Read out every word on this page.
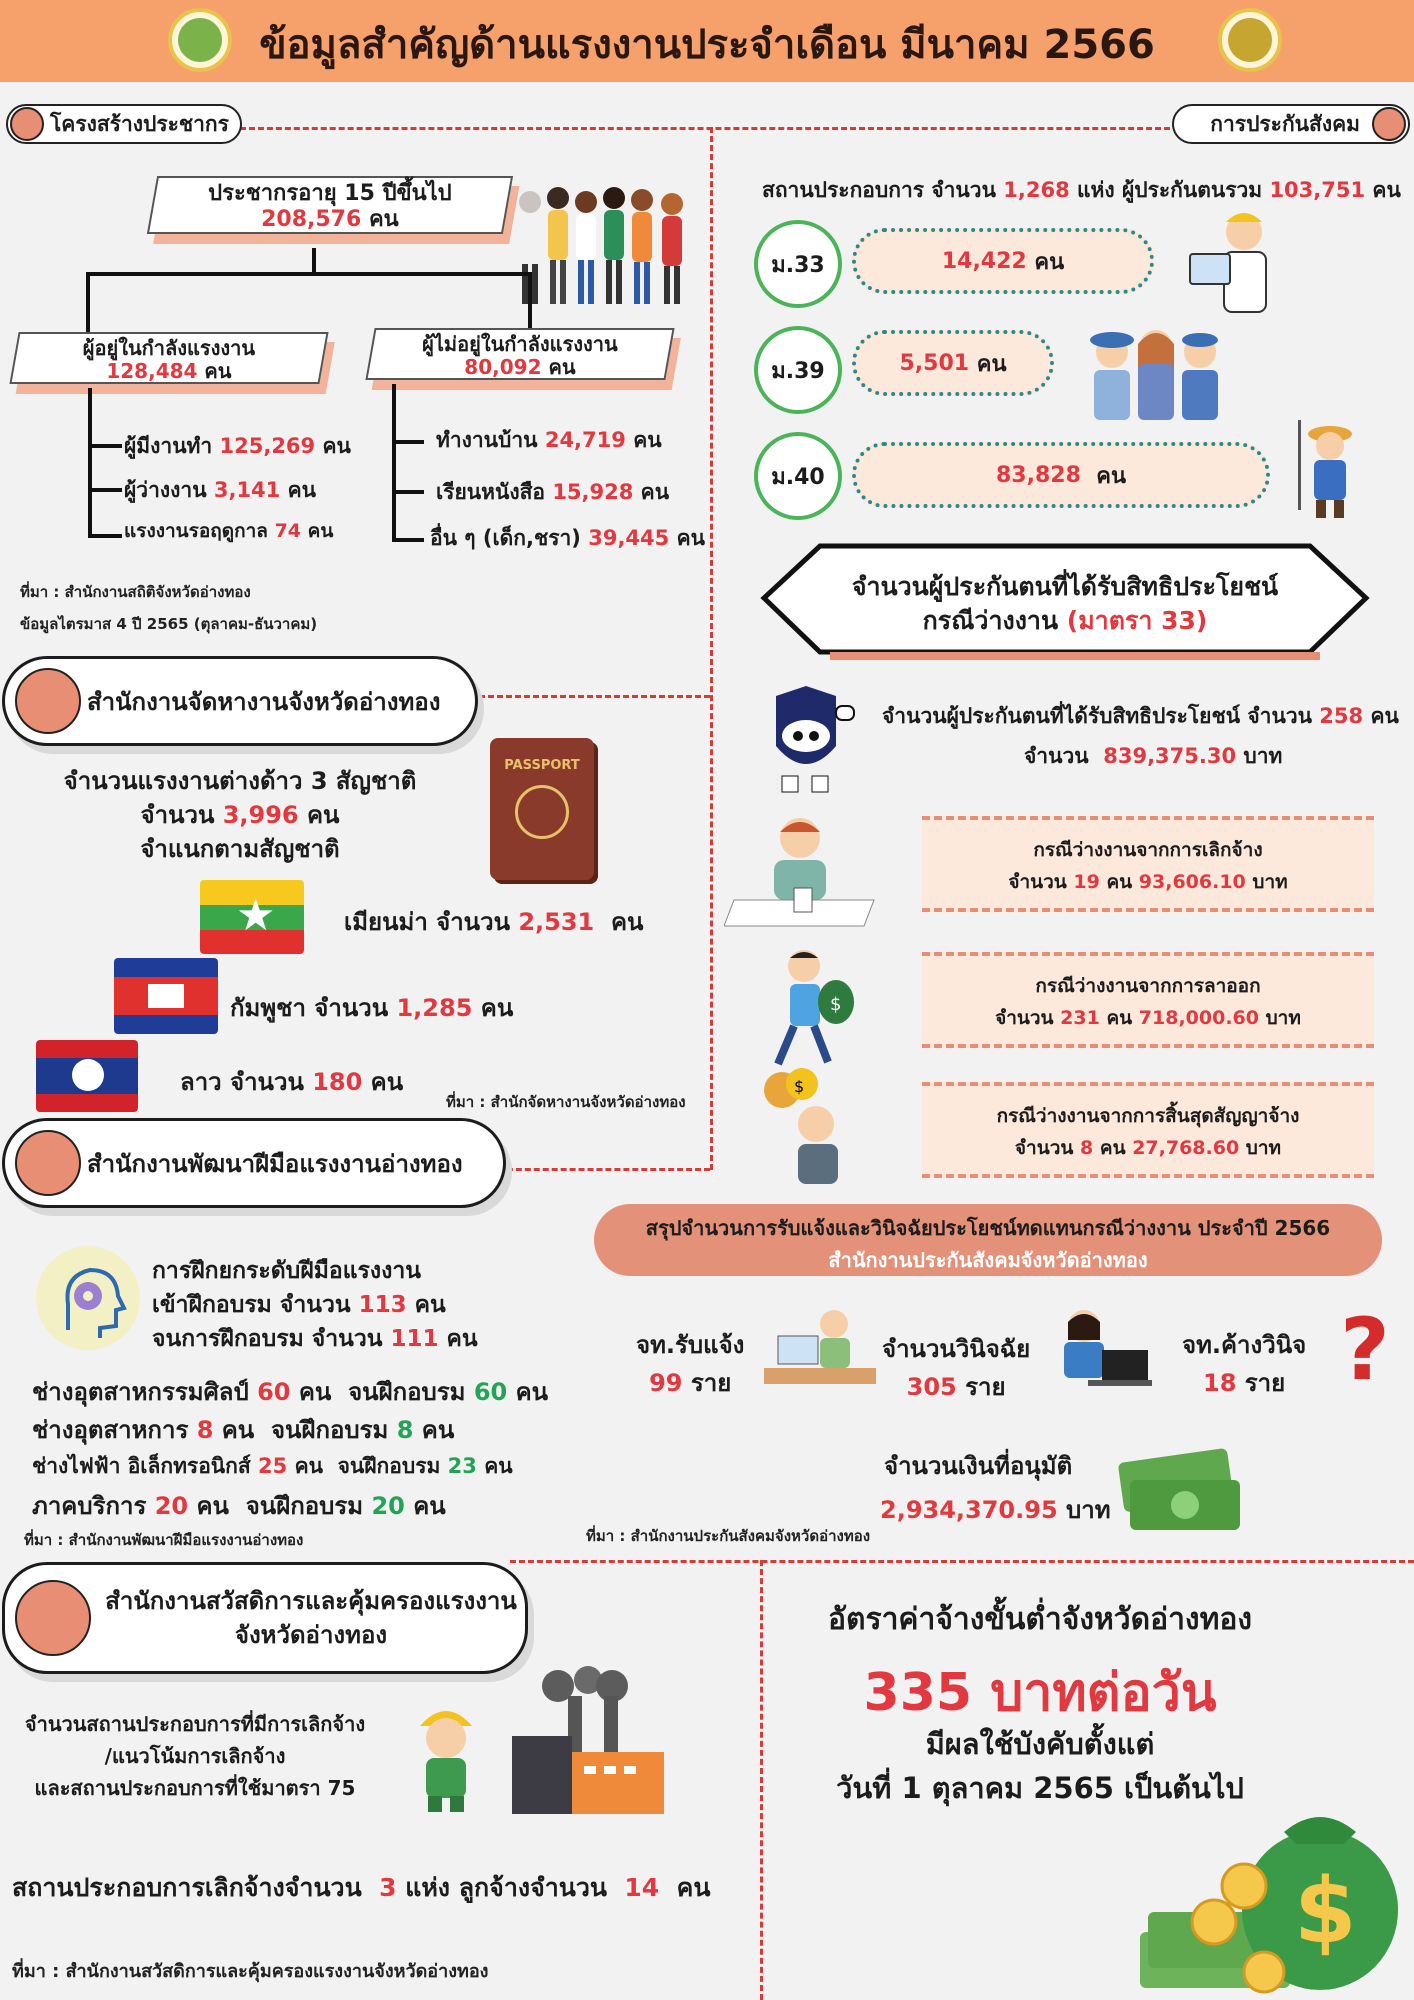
ข้อมูลสำคัญด้านแรงงานประจำเดือน มีนาคม 2566
โครงสร้างประชากร
ประชากรอายุ 15 ปีขึ้นไป
208,576 คน
ผู้อยู่ในกำลังแรงงาน
128,484 คน
ผู้ไม่อยู่ในกำลังแรงงาน
80,092 คน
ผู้มีงานทำ 125,269 คน
ผู้ว่างงาน 3,141 คน
แรงงานรอฤดูกาล 74 คน
ทำงานบ้าน 24,719 คน
เรียนหนังสือ 15,928 คน
อื่น ๆ (เด็ก,ชรา) 39,445 คน
ที่มา : สำนักงานสถิติจังหวัดอ่างทอง
ข้อมูลไตรมาส 4 ปี 2565 (ตุลาคม-ธันวาคม)
สำนักงานจัดหางานจังหวัดอ่างทอง
จำนวนแรงงานต่างด้าว 3 สัญชาติ
จำนวน 3,996 คน
จำแนกตามสัญชาติ
PASSPORT
★	เมียนม่า จำนวน 2,531 คน
กัมพูชา จำนวน 1,285 คน
ลาว จำนวน 180 คน
ที่มา : สำนักจัดหางานจังหวัดอ่างทอง
สำนักงานพัฒนาฝีมือแรงงานอ่างทอง
การฝึกยกระดับฝีมือแรงงาน
เข้าฝึกอบรม จำนวน 113 คน
จนการฝึกอบรม จำนวน 111 คน
ช่างอุตสาหกรรมศิลป์ 60 คน จนฝึกอบรม 60 คน
ช่างอุตสาหการ 8 คน จนฝึกอบรม 8 คน
ช่างไฟฟ้า อิเล็กทรอนิกส์ 25 คน จนฝึกอบรม 23 คน
ภาคบริการ 20 คน จนฝึกอบรม 20 คน
ที่มา : สำนักงานพัฒนาฝีมือแรงงานอ่างทอง
สำนักงานสวัสดิการและคุ้มครองแรงงาน
จังหวัดอ่างทอง
จำนวนสถานประกอบการที่มีการเลิกจ้าง
/แนวโน้มการเลิกจ้าง
และสถานประกอบการที่ใช้มาตรา 75
สถานประกอบการเลิกจ้างจำนวน 3 แห่ง ลูกจ้างจำนวน 14 คน
ที่มา : สำนักงานสวัสดิการและคุ้มครองแรงงานจังหวัดอ่างทอง
การประกันสังคม
สถานประกอบการ จำนวน 1,268 แห่ง ผู้ประกันตนรวม 103,751 คน
ม.33	14,422
คน
ม.39	5,501
คน
ม.40	83,828
คน
จำนวนผู้ประกันตนที่ได้รับสิทธิประโยชน์
กรณีว่างงาน (มาตรา 33)
จำนวนผู้ประกันตนที่ได้รับสิทธิประโยชน์ จำนวน 258 คน
จำนวน 839,375.30 บาท
กรณีว่างงานจากการเลิกจ้าง
จำนวน 19 คน 93,606.10 บาท
$
กรณีว่างงานจากการลาออก
จำนวน 231 คน 718,000.60 บาท
$
กรณีว่างงานจากการสิ้นสุดสัญญาจ้าง
จำนวน 8 คน 27,768.60 บาท
สรุปจำนวนการรับแจ้งและวินิจฉัยประโยชน์ทดแทนกรณีว่างงาน ประจำปี 2566
สำนักงานประกันสังคมจังหวัดอ่างทอง
จท.รับแจ้ง
99 ราย
จำนวนวินิจฉัย
305 ราย
จท.ค้างวินิจ
18 ราย ?
จำนวนเงินที่อนุมัติ
2,934,370.95 บาท
ที่มา : สำนักงานประกันสังคมจังหวัดอ่างทอง
อัตราค่าจ้างขั้นต่ำจังหวัดอ่างทอง
335 บาทต่อวัน
มีผลใช้บังคับตั้งแต่
วันที่ 1 ตุลาคม 2565 เป็นต้นไป
$
